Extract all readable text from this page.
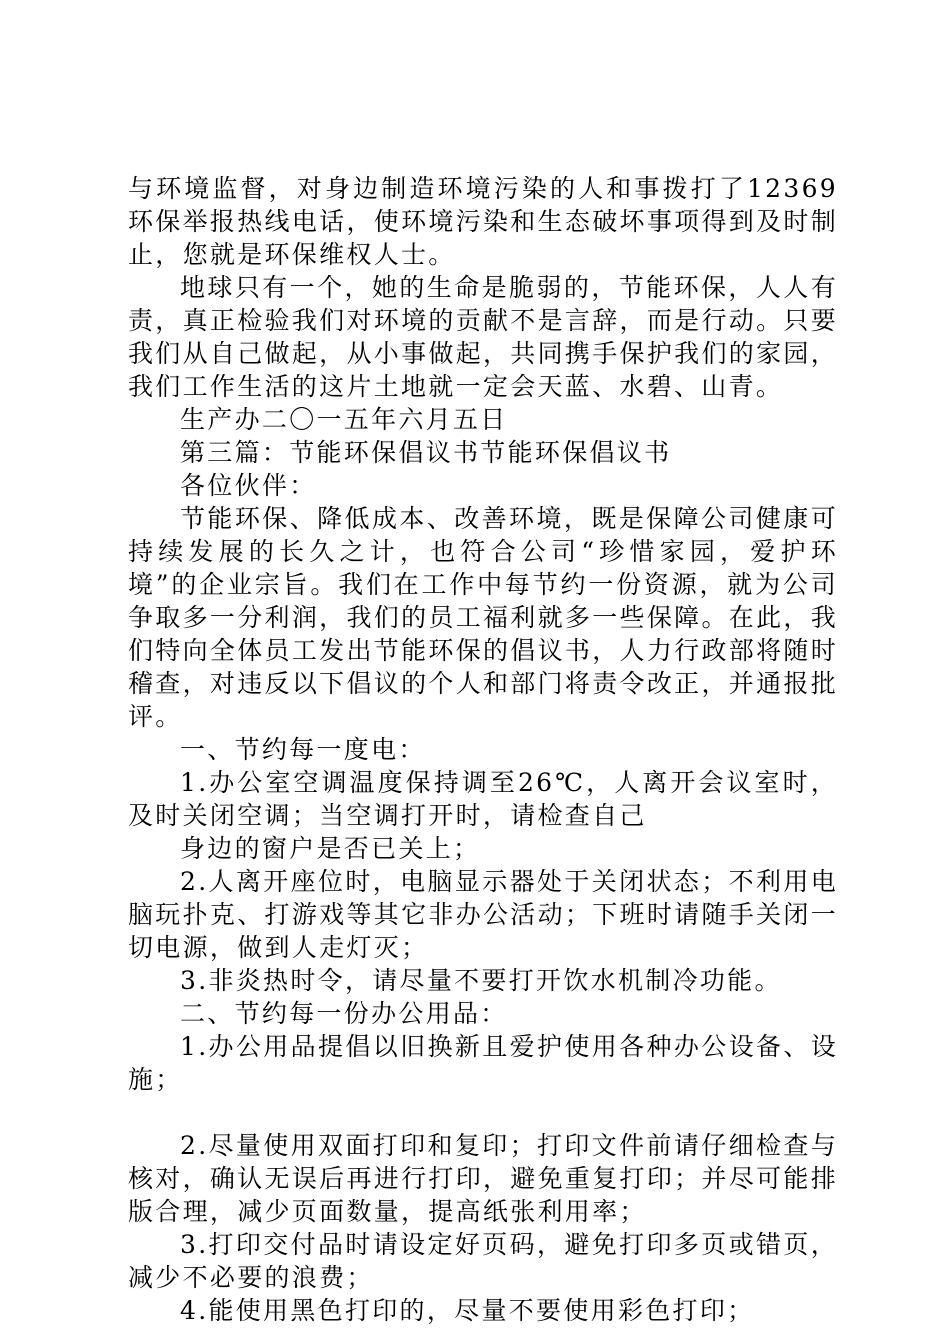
与环境监督，对身边制造环境污染的人和事拨打了12369环保举报热线电话，使环境污染和生态破坏事项得到及时制止，您就是环保维权人士。

地球只有一个，她的生命是脆弱的，节能环保，人人有责，真正检验我们对环境的贡献不是言辞，而是行动。只要我们从自己做起，从小事做起，共同携手保护我们的家园，我们工作生活的这片土地就一定会天蓝、水碧、山青。

生产办二〇一五年六月五日

第三篇：节能环保倡议书节能环保倡议书

各位伙伴：

节能环保、降低成本、改善环境，既是保障公司健康可持续发展的长久之计，也符合公司“珍惜家园，爱护环境”的企业宗旨。我们在工作中每节约一份资源，就为公司争取多一分利润，我们的员工福利就多一些保障。在此，我们特向全体员工发出节能环保的倡议书，人力行政部将随时稽查，对违反以下倡议的个人和部门将责令改正，并通报批评。

一、节约每一度电：

1.办公室空调温度保持调至26℃，人离开会议室时，及时关闭空调；当空调打开时，请检查自己

身边的窗户是否已关上；

2.人离开座位时，电脑显示器处于关闭状态；不利用电脑玩扑克、打游戏等其它非办公活动；下班时请随手关闭一切电源，做到人走灯灭；

3.非炎热时令，请尽量不要打开饮水机制冷功能。

二、节约每一份办公用品：

1.办公用品提倡以旧换新且爱护使用各种办公设备、设施；

2.尽量使用双面打印和复印；打印文件前请仔细检查与核对，确认无误后再进行打印，避免重复打印；并尽可能排版合理，减少页面数量，提高纸张利用率；

3.打印交付品时请设定好页码，避免打印多页或错页，减少不必要的浪费；

4.能使用黑色打印的，尽量不要使用彩色打印；
